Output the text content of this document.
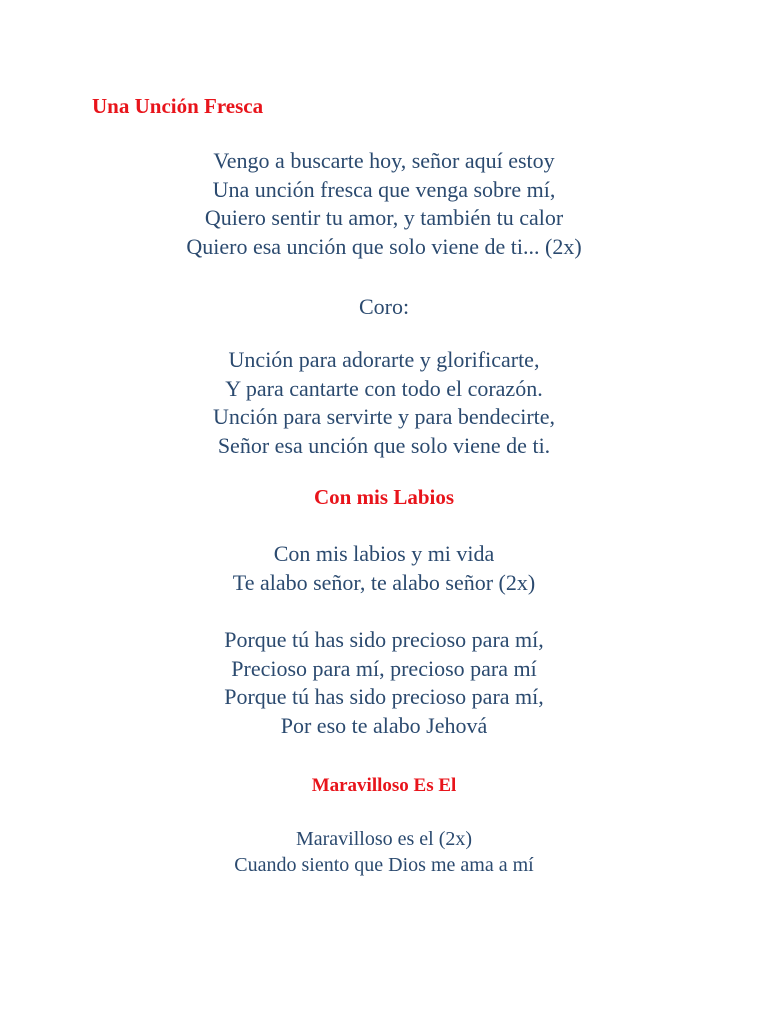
Una Unción Fresca
Vengo a buscarte hoy, señor aquí estoy
Una unción fresca que venga sobre mí,
Quiero sentir tu amor, y también tu calor
Quiero esa unción que solo viene de ti... (2x)
Coro:
Unción para adorarte y glorificarte,
Y para cantarte con todo el corazón.
Unción para servirte y para bendecirte,
Señor esa unción que solo viene de ti.
Con mis Labios
Con mis labios y mi vida
Te alabo señor, te alabo señor (2x)
Porque tú has sido precioso para mí,
Precioso para mí, precioso para mí
Porque tú has sido precioso para mí,
Por eso te alabo Jehová
Maravilloso Es El
Maravilloso es el (2x)
Cuando siento que Dios me ama a mí
